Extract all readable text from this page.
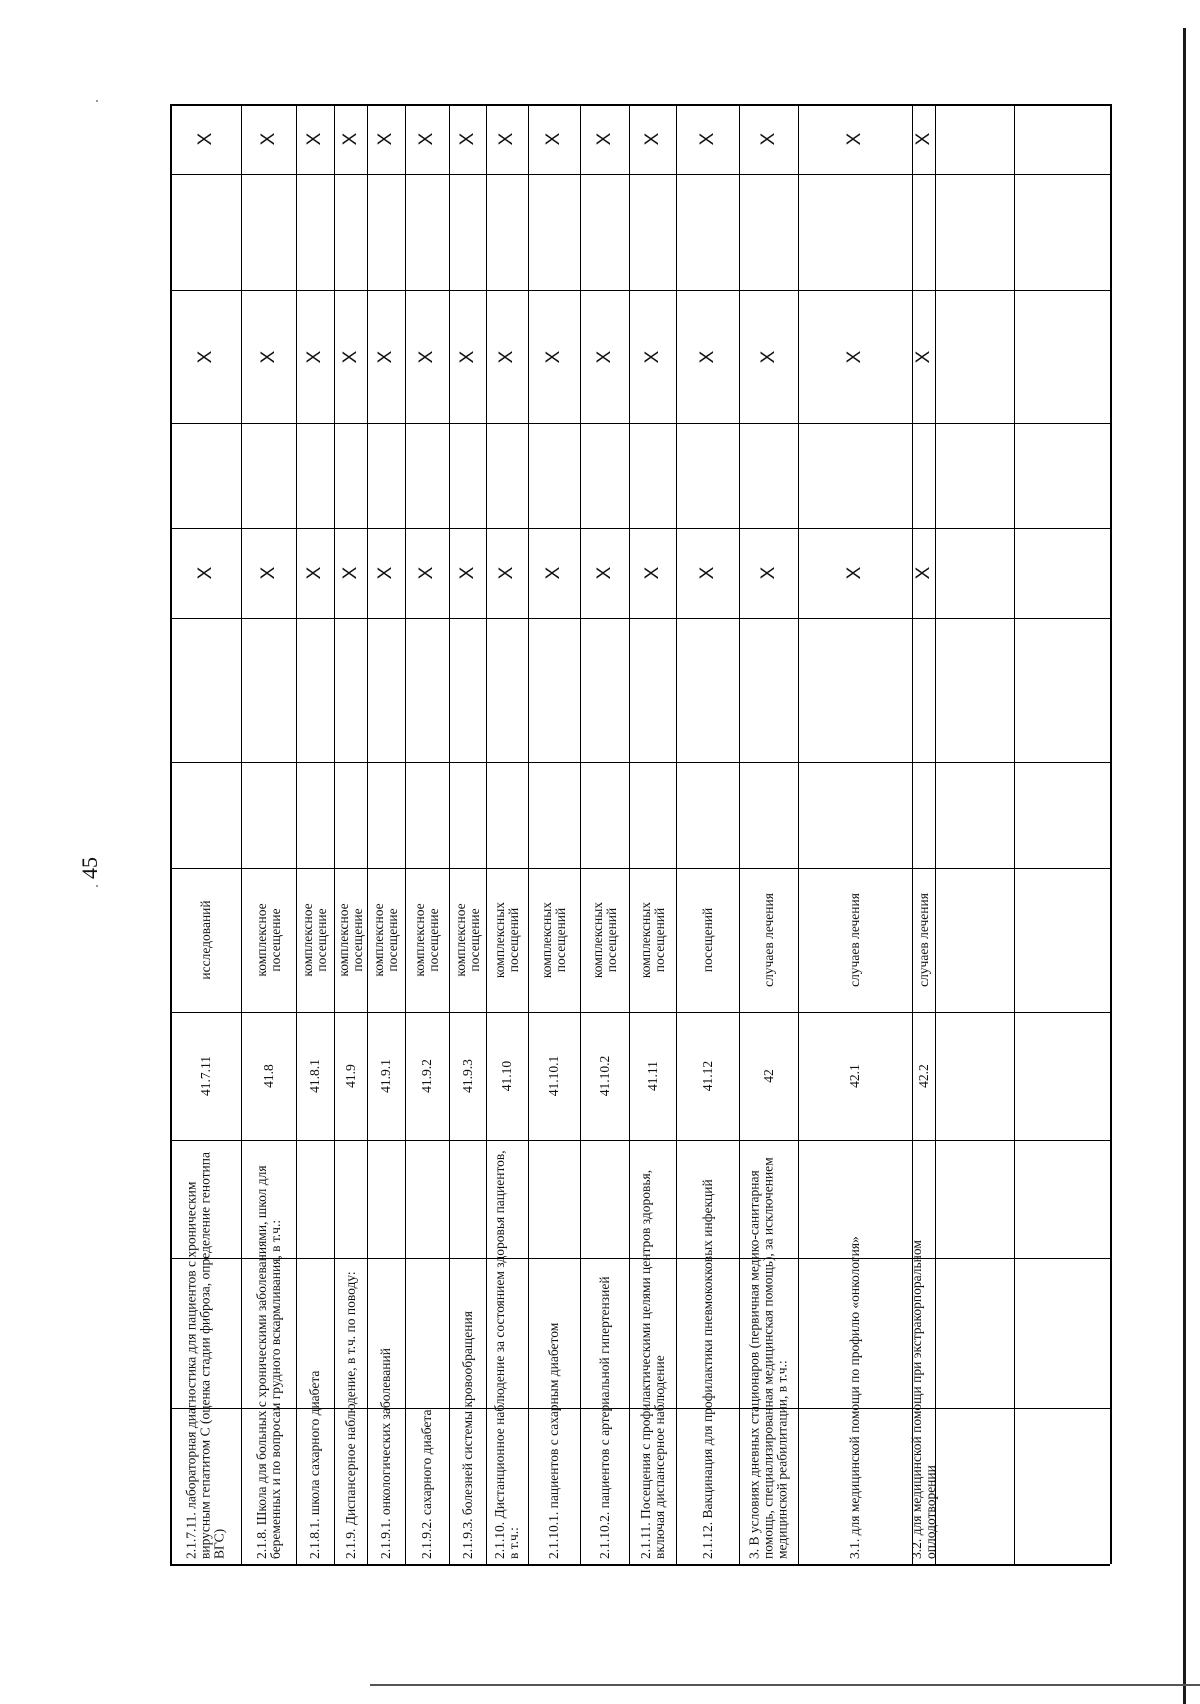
45
X
X
X
исследований
41.7.11
2.1.7.11. лабораторная диагностика для пациентов с хроническим вирусным гепатитом С (оценка стадии фиброза, определение генотипа ВГС)
X
X
X
комплексное посещение
41.8
2.1.8. Школа для больных с хроническими заболеваниями, школ для беременных и по вопросам грудного вскармливания, в т.ч.:
X
X
X
комплексное посещение
41.8.1
2.1.8.1. школа сахарного диабета
X
X
X
комплексное посещение
41.9
2.1.9. Диспансерное наблюдение, в т.ч. по поводу:
X
X
X
комплексное посещение
41.9.1
2.1.9.1. онкологических заболеваний
X
X
X
комплексное посещение
41.9.2
2.1.9.2. сахарного диабета
X
X
X
комплексное посещение
41.9.3
2.1.9.3. болезней системы кровообращения
X
X
X
комплексных посещений
41.10
2.1.10. Дистанционное наблюдение за состоянием здоровья пациентов, в т.ч.:
X
X
X
комплексных посещений
41.10.1
2.1.10.1. пациентов с сахарным диабетом
X
X
X
комплексных посещений
41.10.2
2.1.10.2. пациентов с артериальной гипертензией
X
X
X
комплексных посещений
41.11
2.1.11. Посещения с профилактическими целями центров здоровья, включая диспансерное наблюдение
X
X
X
посещений
41.12
2.1.12. Вакцинация для профилактики пневмококковых инфекций
X
X
X
случаев лечения
42
3. В условиях дневных стационаров (первичная медико-санитарная помощь, специализированная медицинская помощь), за исключением медицинской реабилитации, в т.ч.:
X
X
X
случаев лечения
42.1
3.1. для медицинской помощи по профилю «онкология»
X
X
X
случаев лечения
42.2
3.2. для медицинской помощи при экстракорпоральном оплодотворении
